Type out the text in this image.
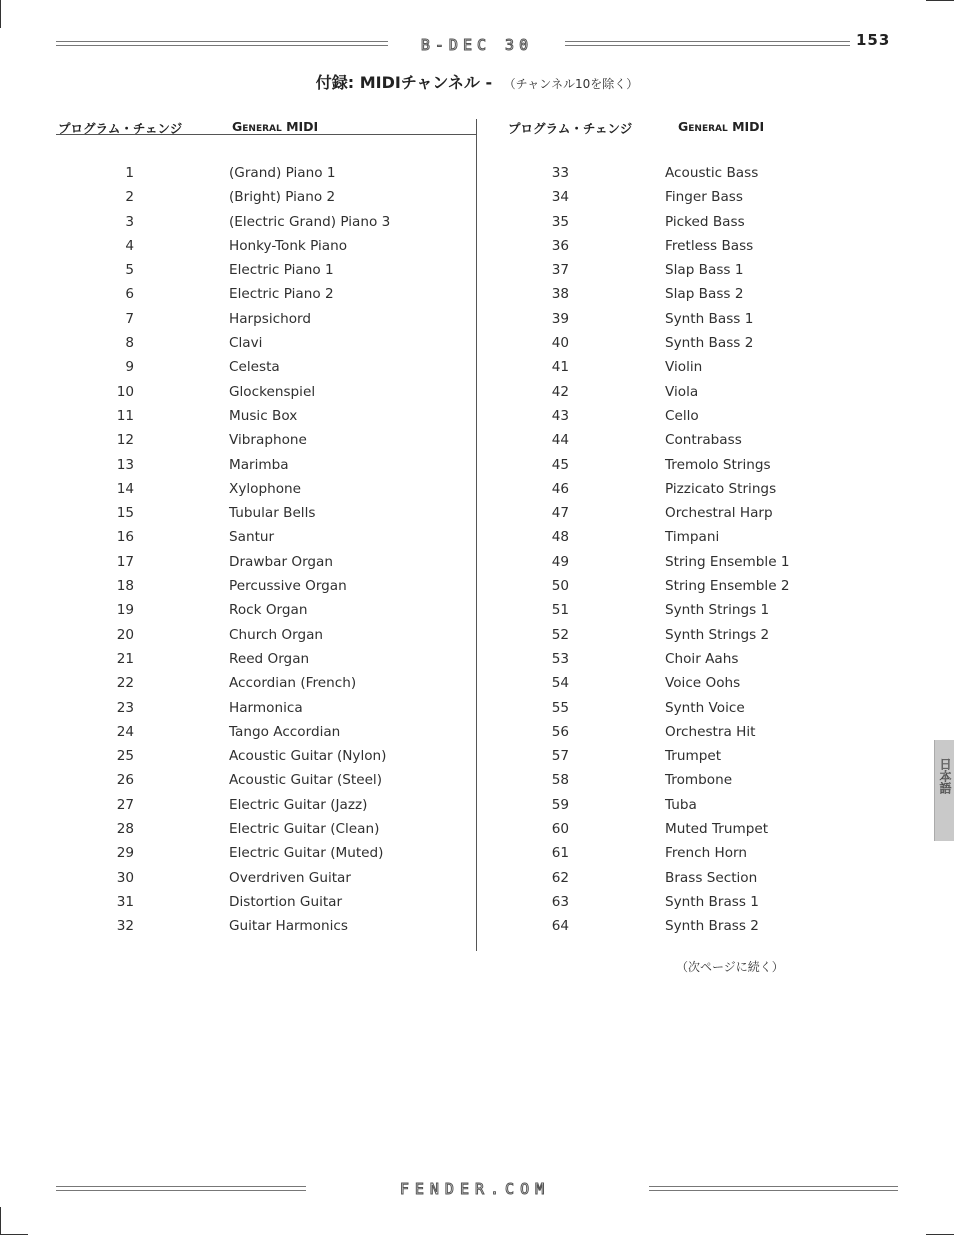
B-DEC 30	153
付録: MIDIチャンネル - （チャンネル10を除く）
プログラム・チェンジ	General MIDI	プログラム・チェンジ	General MIDI
1	(Grand) Piano 1
2	(Bright) Piano 2
3	(Electric Grand) Piano 3
4	Honky-Tonk Piano
5	Electric Piano 1
6	Electric Piano 2
7	Harpsichord
8	Clavi
9	Celesta
10	Glockenspiel
11	Music Box
12	Vibraphone
13	Marimba
14	Xylophone
15	Tubular Bells
16	Santur
17	Drawbar Organ
18	Percussive Organ
19	Rock Organ
20	Church Organ
21	Reed Organ
22	Accordian (French)
23	Harmonica
24	Tango Accordian
25	Acoustic Guitar (Nylon)
26	Acoustic Guitar (Steel)
27	Electric Guitar (Jazz)
28	Electric Guitar (Clean)
29	Electric Guitar (Muted)
30	Overdriven Guitar
31	Distortion Guitar
32	Guitar Harmonics
33	Acoustic Bass
34	Finger Bass
35	Picked Bass
36	Fretless Bass
37	Slap Bass 1
38	Slap Bass 2
39	Synth Bass 1
40	Synth Bass 2
41	Violin
42	Viola
43	Cello
44	Contrabass
45	Tremolo Strings
46	Pizzicato Strings
47	Orchestral Harp
48	Timpani
49	String Ensemble 1
50	String Ensemble 2
51	Synth Strings 1
52	Synth Strings 2
53	Choir Aahs
54	Voice Oohs
55	Synth Voice
56	Orchestra Hit
57	Trumpet
58	Trombone
59	Tuba
60	Muted Trumpet
61	French Horn
62	Brass Section
63	Synth Brass 1
64	Synth Brass 2
（次ページに続く）
日本語
FENDER.COM
